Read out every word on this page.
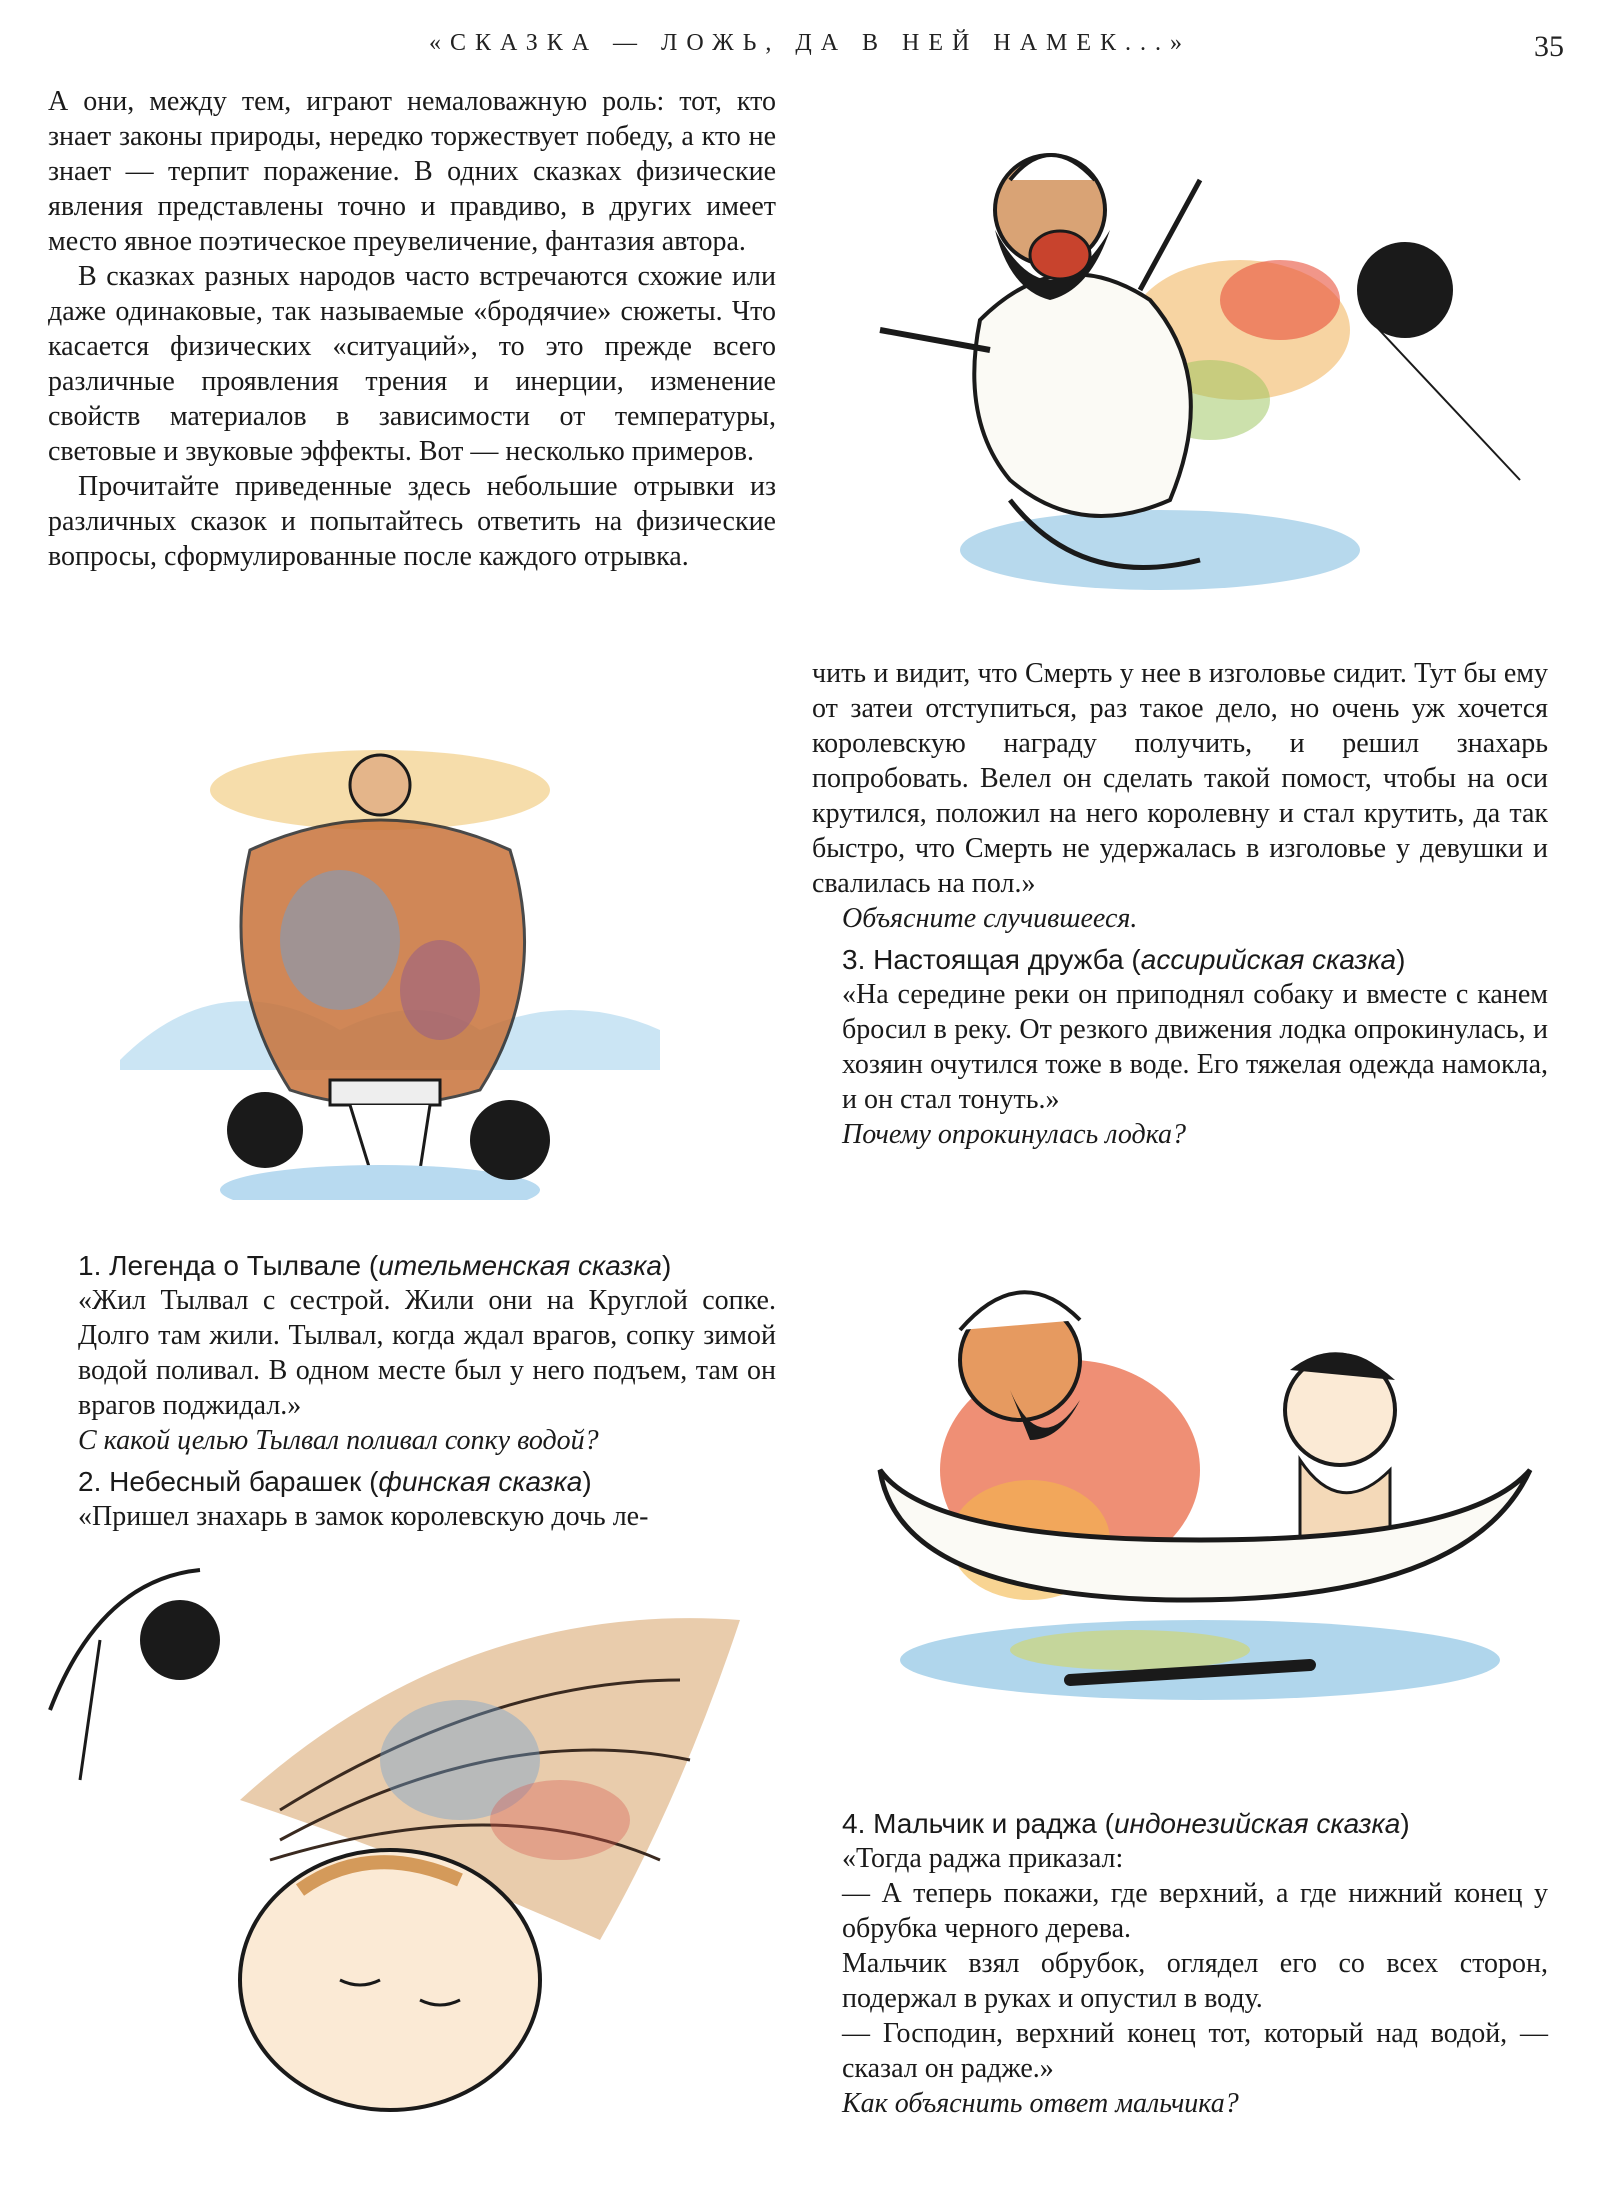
«СКАЗКА — ЛОЖЬ, ДА В НЕЙ НАМЕК...»	35

А они, между тем, играют немаловажную роль: тот, кто знает законы природы, нередко торжествует победу, а кто не знает — терпит поражение. В одних сказках физические явления представлены точно и правдиво, в других имеет место явное поэтическое преувеличение, фантазия автора.

В сказках разных народов часто встречаются схожие или даже одинаковые, так называемые «бродячие» сюжеты. Что касается физических «ситуаций», то это прежде всего различные проявления трения и инерции, изменение свойств материалов в зависимости от температуры, световые и звуковые эффекты. Вот — несколько примеров.

Прочитайте приведенные здесь небольшие отрывки из различных сказок и попытайтесь ответить на физические вопросы, сформулированные после каждого отрывка.

1. Легенда о Тылвале (ительменская сказка)

«Жил Тылвал с сестрой. Жили они на Круглой сопке. Долго там жили. Тылвал, когда ждал врагов, сопку зимой водой поливал. В одном месте был у него подъем, там он врагов поджидал.»

С какой целью Тылвал поливал сопку водой?

2. Небесный барашек (финская сказка)

«Пришел знахарь в замок королевскую дочь ле-

чить и видит, что Смерть у нее в изголовье сидит. Тут бы ему от затеи отступиться, раз такое дело, но очень уж хочется королевскую награду получить, и решил знахарь попробовать. Велел он сделать такой помост, чтобы на оси крутился, положил на него королевну и стал крутить, да так быстро, что Смерть не удержалась в изголовье у девушки и свалилась на пол.»

Объясните случившееся.

3. Настоящая дружба (ассирийская сказка)

«На середине реки он приподнял собаку и вместе с канем бросил в реку. От резкого движения лодка опрокинулась, и хозяин очутился тоже в воде. Его тяжелая одежда намокла, и он стал тонуть.»

Почему опрокинулась лодка?

4. Мальчик и раджа (индонезийская сказка)

«Тогда раджа приказал:

— А теперь покажи, где верхний, а где нижний конец у обрубка черного дерева.

Мальчик взял обрубок, оглядел его со всех сторон, подержал в руках и опустил в воду.

— Господин, верхний конец тот, который над водой, — сказал он радже.»

Как объяснить ответ мальчика?
